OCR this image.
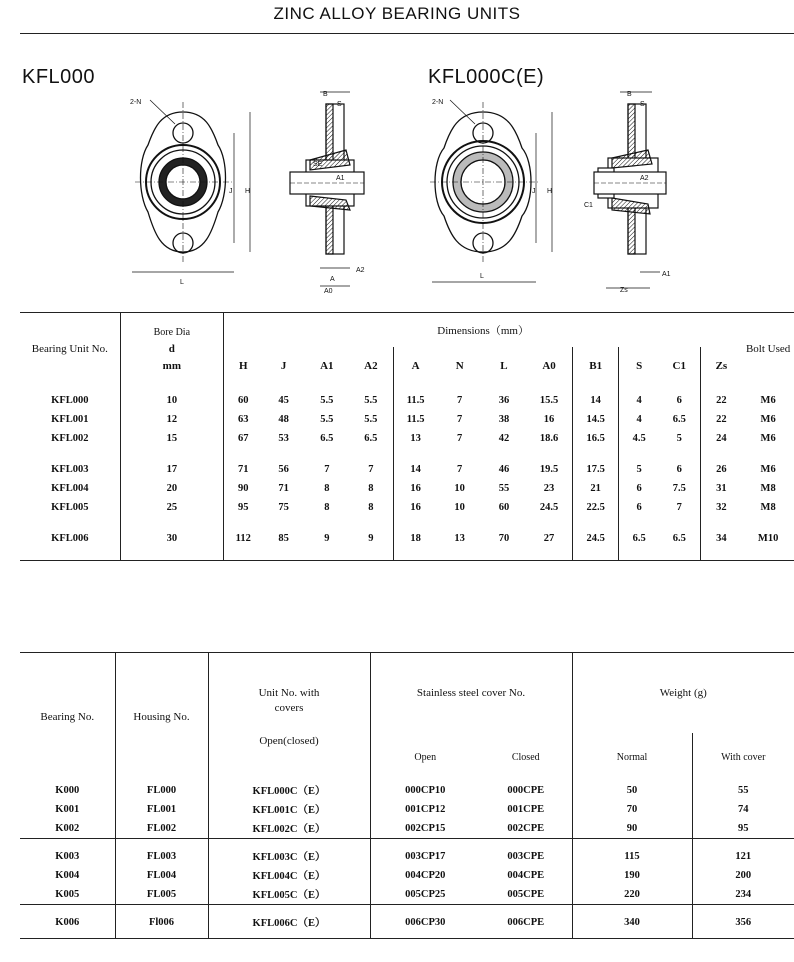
ZINC ALLOY BEARING UNITS
KFL000	KFL000C(E)
2-N
L
J H
B
S
SE
A1
A2
A
A0
2-N
L
J H
B
S
A2
C1
A1
Zs
Bearing Unit No.	Bore Dia
d
mm	Dimensions（mm）												Bolt Used
		H	J	A1	A2	A	N	L	A0	B1	S	C1	Zs	
KFL000	10	60	45	5.5	5.5	11.5	7	36	15.5	14	4	6	22	M6
KFL001	12	63	48	5.5	5.5	11.5	7	38	16	14.5	4	6.5	22	M6
KFL002	15	67	53	6.5	6.5	13	7	42	18.6	16.5	4.5	5	24	M6

KFL003	17	71	56	7	7	14	7	46	19.5	17.5	5	6	26	M6
KFL004	20	90	71	8	8	16	10	55	23	21	6	7.5	31	M8
KFL005	25	95	75	8	8	16	10	60	24.5	22.5	6	7	32	M8

KFL006	30	112	85	9	9	18	13	70	27	24.5	6.5	6.5	34	M10

Bearing No.	Housing No.	Unit No. with covers
Open(closed)	Stainless steel cover No.		Weight (g)	

			Open	Closed	Normal	With cover
K000	FL000	KFL000C（E）	000CP10	000CPE	50	55
K001	FL001	KFL001C（E）	001CP12	001CPE	70	74
K002	FL002	KFL002C（E）	002CP15	002CPE	90	95

K003	FL003	KFL003C（E）	003CP17	003CPE	115	121
K004	FL004	KFL004C（E）	004CP20	004CPE	190	200
K005	FL005	KFL005C（E）	005CP25	005CPE	220	234

K006	Fl006	KFL006C（E）	006CP30	006CPE	340	356
